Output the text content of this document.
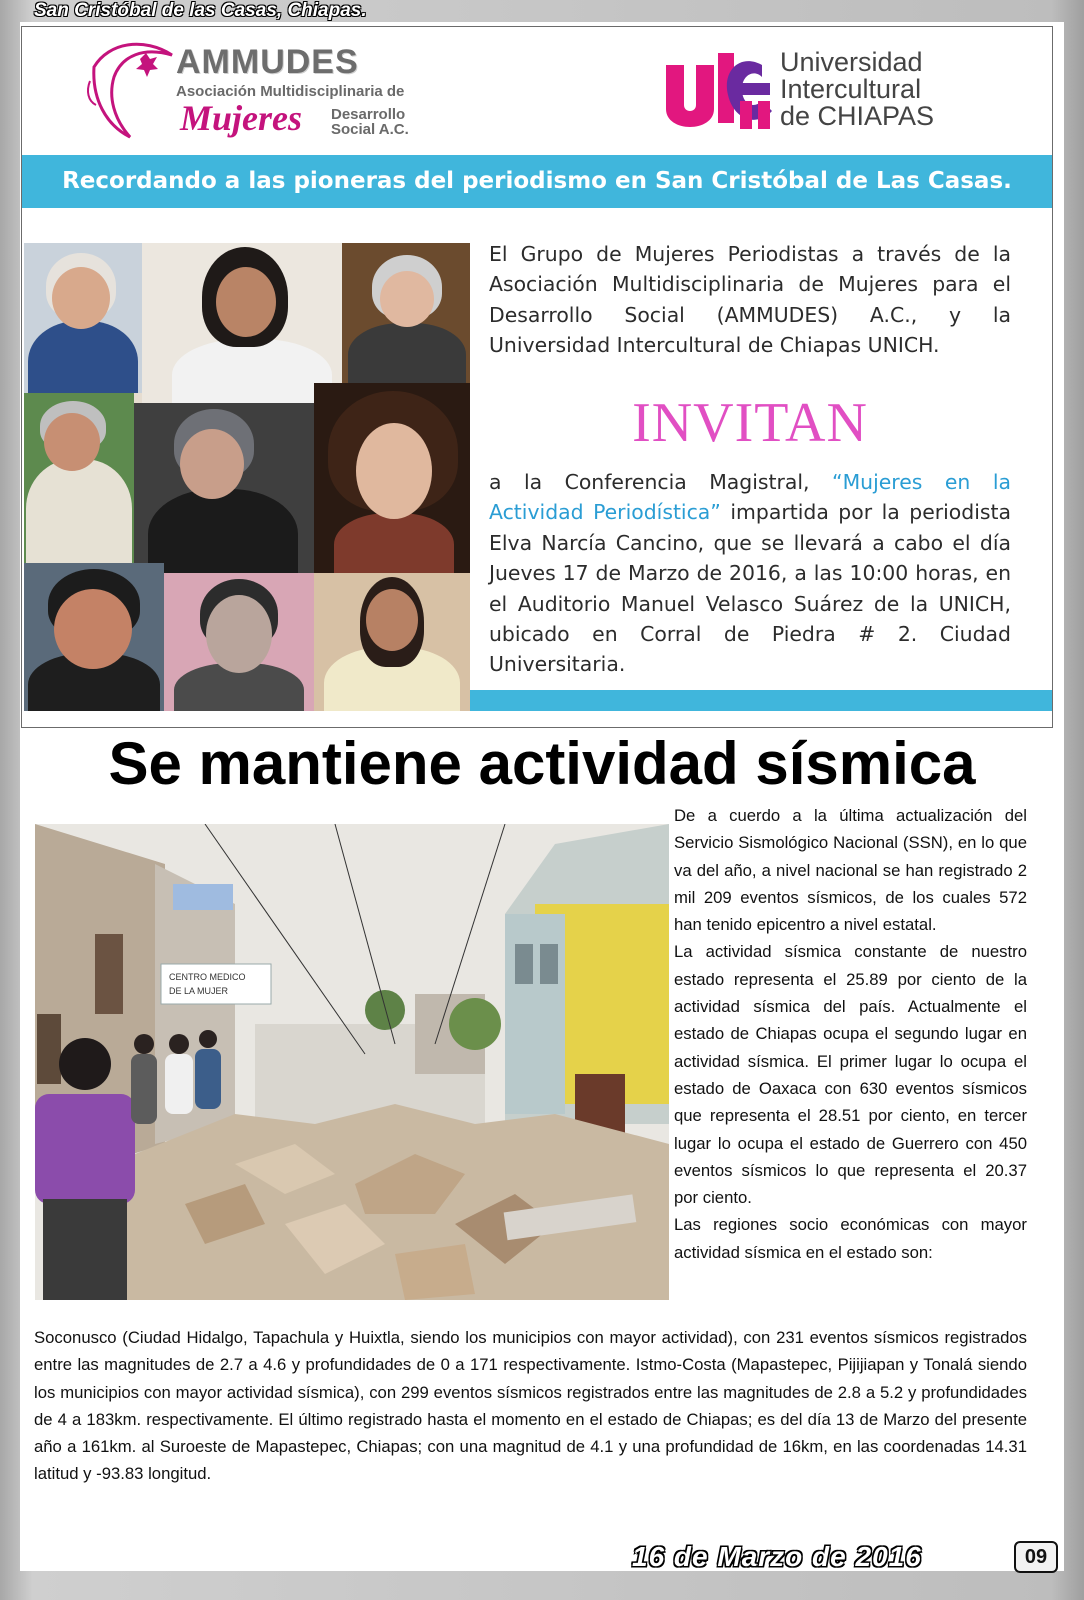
San Cristóbal de las Casas, Chiapas.
AMMUDES
Asociación Multidisciplinaria de
Mujeres Desarrollo
Social A.C.
Universidad
Intercultural
de CHIAPAS
Recordando a las pioneras del periodismo en San Cristóbal de Las Casas.
El Grupo de Mujeres Periodistas a través de la Asociación Multidisciplinaria de Mujeres para el Desarrollo Social (AMMUDES) A.C., y la Universidad Intercultural de Chiapas UNICH.
INVITAN
a la Conferencia Magistral, “Mujeres en la Actividad Periodística” impartida por la periodista Elva Narcía Cancino, que se llevará a cabo el día Jueves 17 de Marzo de 2016, a las 10:00 horas, en el Auditorio Manuel Velasco Suárez de la UNICH, ubicado en Corral de Piedra # 2. Ciudad Universitaria.
Se mantiene actividad sísmica
CENTRO MEDICO
DE LA MUJER

De a cuerdo a la última actualización del Servicio Sismológico Nacional (SSN), en lo que va del año, a nivel nacional se han registrado 2 mil 209 eventos sísmicos, de los cuales 572 han tenido epicentro a nivel estatal.

La actividad sísmica constante de nuestro estado representa el 25.89 por ciento de la actividad sísmica del país. Actualmente el estado de Chiapas ocupa el segundo lugar en actividad sísmica. El primer lugar lo ocupa el estado de Oaxaca con 630 eventos sísmicos que representa el 28.51 por ciento, en tercer lugar lo ocupa el estado de Guerrero con 450 eventos sísmicos lo que representa el 20.37 por ciento.

Las regiones socio económicas con mayor actividad sísmica en el estado son:

Soconusco (Ciudad Hidalgo, Tapachula y Huixtla, siendo los municipios con mayor actividad), con 231 eventos sísmicos registrados entre las magnitudes de 2.7 a 4.6 y profundidades de 0 a 171 respectivamente. Istmo-Costa (Mapastepec, Pijijiapan y Tonalá siendo los municipios con mayor actividad sísmica), con 299 eventos sísmicos registrados entre las magnitudes de 2.8 a 5.2 y profundidades de 4 a 183km. respectivamente. El último registrado hasta el momento en el estado de Chiapas; es del día 13 de Marzo del presente año a 161km. al Suroeste de Mapastepec, Chiapas; con una magnitud de 4.1 y una profundidad de 16km, en las coordenadas 14.31 latitud y -93.83 longitud.

16 de Marzo de 2016	09
